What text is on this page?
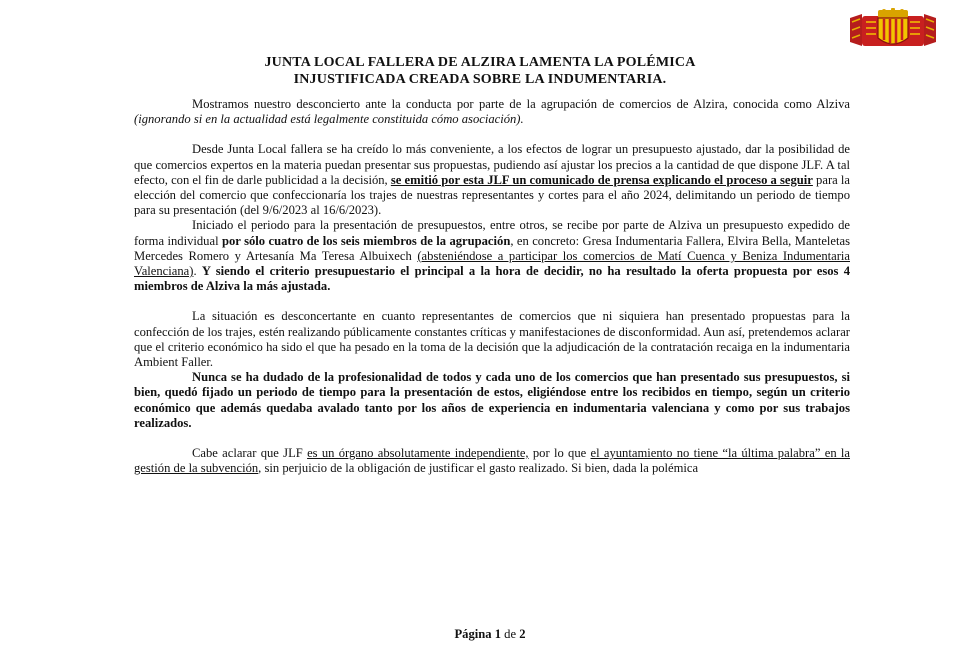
JUNTA LOCAL FALLERA DE ALZIRA LAMENTA LA POLÉMICA
INJUSTIFICADA CREADA SOBRE LA INDUMENTARIA.

Mostramos nuestro desconcierto ante la conducta por parte de la agrupación de comercios de Alzira, conocida como Alziva (ignorando si en la actualidad está legalmente constituida cómo asociación).

Desde Junta Local fallera se ha creído lo más conveniente, a los efectos de lograr un presupuesto ajustado, dar la posibilidad de que comercios expertos en la materia puedan presentar sus propuestas, pudiendo así ajustar los precios a la cantidad de que dispone JLF. A tal efecto, con el fin de darle publicidad a la decisión, se emitió por esta JLF un comunicado de prensa explicando el proceso a seguir para la elección del comercio que confeccionaría los trajes de nuestras representantes y cortes para el año 2024, delimitando un periodo de tiempo para su presentación (del 9/6/2023 al 16/6/2023).

Iniciado el periodo para la presentación de presupuestos, entre otros, se recibe por parte de Alziva un presupuesto expedido de forma individual por sólo cuatro de los seis miembros de la agrupación, en concreto: Gresa Indumentaria Fallera, Elvira Bella, Manteletas Mercedes Romero y Artesanía Ma Teresa Albuixech (absteniéndose a participar los comercios de Matí Cuenca y Beniza Indumentaria Valenciana). Y siendo el criterio presupuestario el principal a la hora de decidir, no ha resultado la oferta propuesta por esos 4 miembros de Alziva la más ajustada.

La situación es desconcertante en cuanto representantes de comercios que ni siquiera han presentado propuestas para la confección de los trajes, estén realizando públicamente constantes críticas y manifestaciones de disconformidad. Aun así, pretendemos aclarar que el criterio económico ha sido el que ha pesado en la toma de la decisión que la adjudicación de la contratación recaiga en la indumentaria Ambient Faller.

Nunca se ha dudado de la profesionalidad de todos y cada uno de los comercios que han presentado sus presupuestos, si bien, quedó fijado un periodo de tiempo para la presentación de estos, eligiéndose entre los recibidos en tiempo, según un criterio económico que además quedaba avalado tanto por los años de experiencia en indumentaria valenciana y como por sus trabajos realizados.

Cabe aclarar que JLF es un órgano absolutamente independiente, por lo que el ayuntamiento no tiene “la última palabra” en la gestión de la subvención, sin perjuicio de la obligación de justificar el gasto realizado. Si bien, dada la polémica

Página 1 de 2
